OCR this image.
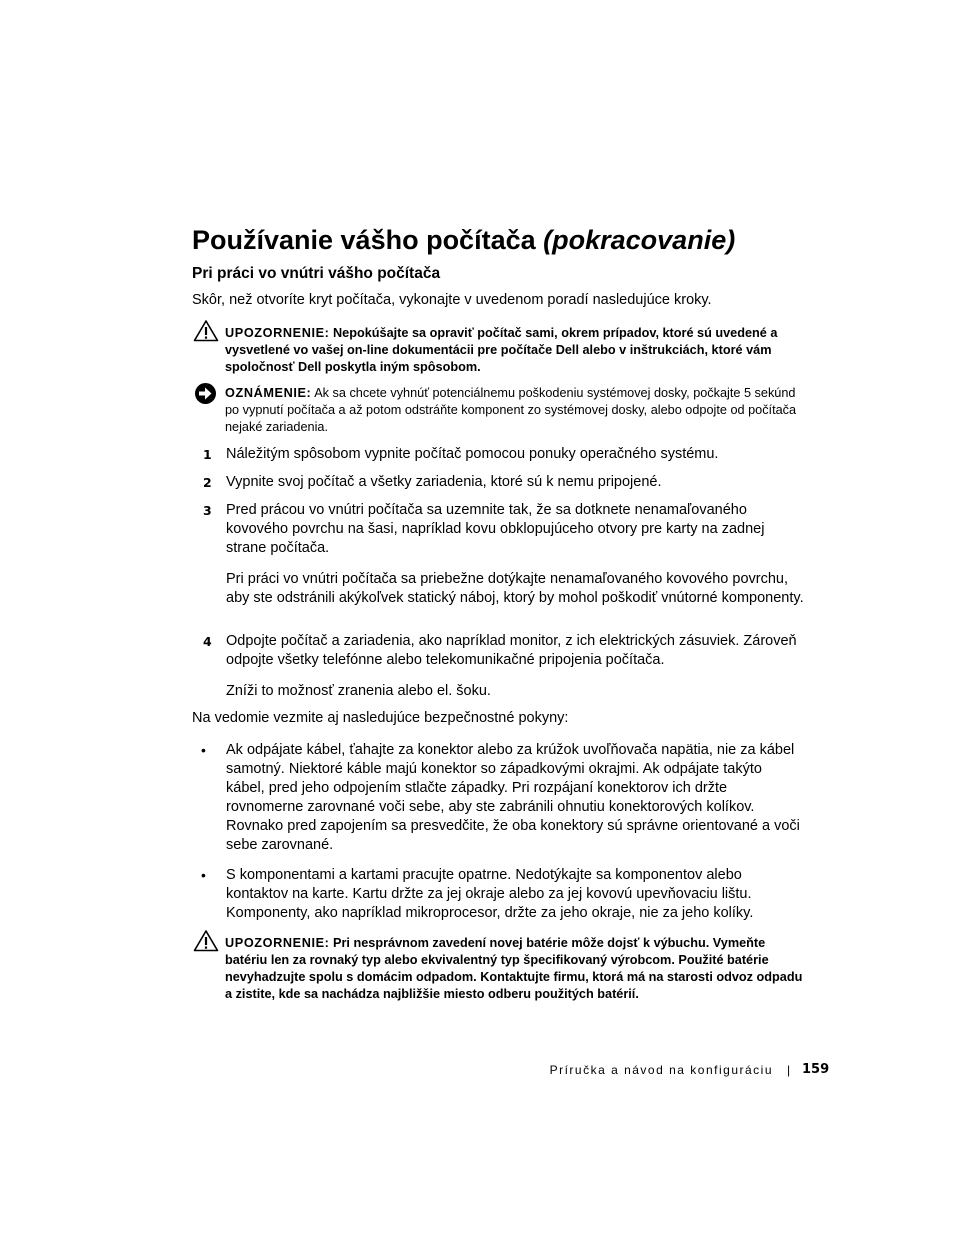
Používanie vášho počítača (pokracovanie)
Pri práci vo vnútri vášho počítača
Skôr, než otvoríte kryt počítača, vykonajte v uvedenom poradí nasledujúce kroky.
UPOZORNENIE: Nepokúšajte sa opraviť počítač sami, okrem prípadov, ktoré sú uvedené a vysvetlené vo vašej on-line dokumentácii pre počítače Dell alebo v inštrukciách, ktoré vám spoločnosť Dell poskytla iným spôsobom.
OZNÁMENIE: Ak sa chcete vyhnúť potenciálnemu poškodeniu systémovej dosky, počkajte 5 sekúnd po vypnutí počítača a až potom odstráňte komponent zo systémovej dosky, alebo odpojte od počítača nejaké zariadenia.
1 Náležitým spôsobom vypnite počítač pomocou ponuky operačného systému.
2 Vypnite svoj počítač a všetky zariadenia, ktoré sú k nemu pripojené.
3 Pred prácou vo vnútri počítača sa uzemnite tak, že sa dotknete nenamaľovaného kovového povrchu na šasi, napríklad kovu obklopujúceho otvory pre karty na zadnej strane počítača.
Pri práci vo vnútri počítača sa priebežne dotýkajte nenamaľovaného kovového povrchu, aby ste odstránili akýkoľvek statický náboj, ktorý by mohol poškodiť vnútorné komponenty.
4 Odpojte počítač a zariadenia, ako napríklad monitor, z ich elektrických zásuviek. Zároveň odpojte všetky telefónne alebo telekomunikačné pripojenia počítača.
Zníži to možnosť zranenia alebo el. šoku.
Na vedomie vezmite aj nasledujúce bezpečnostné pokyny:
• Ak odpájate kábel, ťahajte za konektor alebo za krúžok uvoľňovača napätia, nie za kábel samotný. Niektoré káble majú konektor so západkovými okrajmi. Ak odpájate takýto kábel, pred jeho odpojením stlačte západky. Pri rozpájaní konektorov ich držte rovnomerne zarovnané voči sebe, aby ste zabránili ohnutiu konektorových kolíkov. Rovnako pred zapojením sa presvedčite, že oba konektory sú správne orientované a voči sebe zarovnané.
• S komponentami a kartami pracujte opatrne. Nedotýkajte sa komponentov alebo kontaktov na karte. Kartu držte za jej okraje alebo za jej kovovú upevňovaciu lištu. Komponenty, ako napríklad mikroprocesor, držte za jeho okraje, nie za jeho kolíky.
UPOZORNENIE: Pri nesprávnom zavedení novej batérie môže dojsť k výbuchu. Vymeňte batériu len za rovnaký typ alebo ekvivalentný typ špecifikovaný výrobcom. Použité batérie nevyhadzujte spolu s domácim odpadom. Kontaktujte firmu, ktorá má na starosti odvoz odpadu a zistite, kde sa nachádza najbližšie miesto odberu použitých batérií.
Príručka a návod na konfiguráciu | 159
